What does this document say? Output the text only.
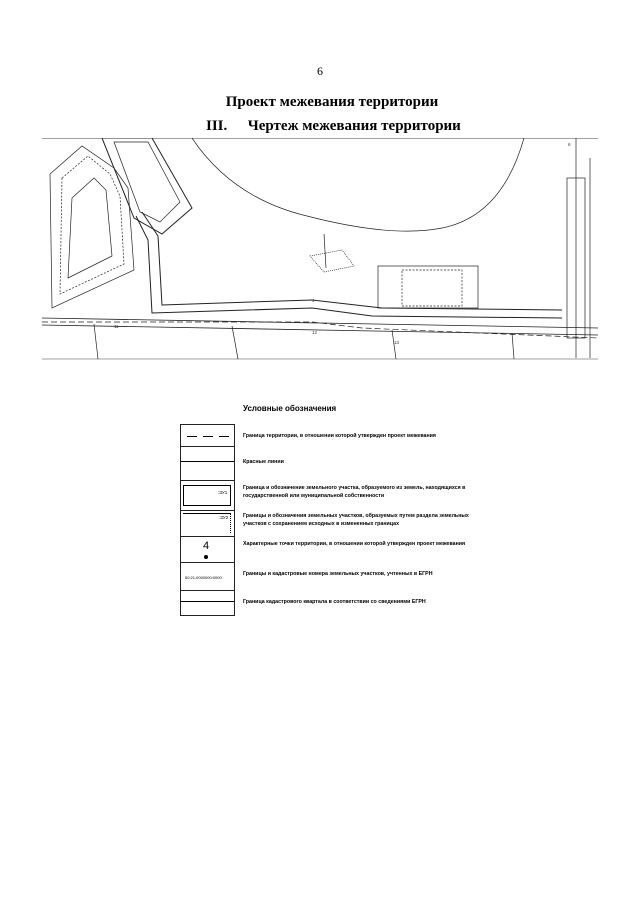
6
Проект межевания территории
III. Чертеж межевания территории
4
11
12
13
6
Условные обозначения
:ЗУ1
:ЗУ2
4
50:21:0000000:0000
Граница территории, в отношении которой утвержден проект межевания
Красные линии
Граница и обозначение земельного участка, образуемого из земель, находящихся в государственной или муниципальной собственности
Границы и обозначения земельных участков, образуемых путем раздела земельных участков с сохранением исходных в измененных границах
Характерные точки территории, в отношении которой утвержден проект межевания
Границы и кадастровые номера земельных участков, учтенных в ЕГРН
Граница кадастрового квартала в соответствии со сведениями ЕГРН
